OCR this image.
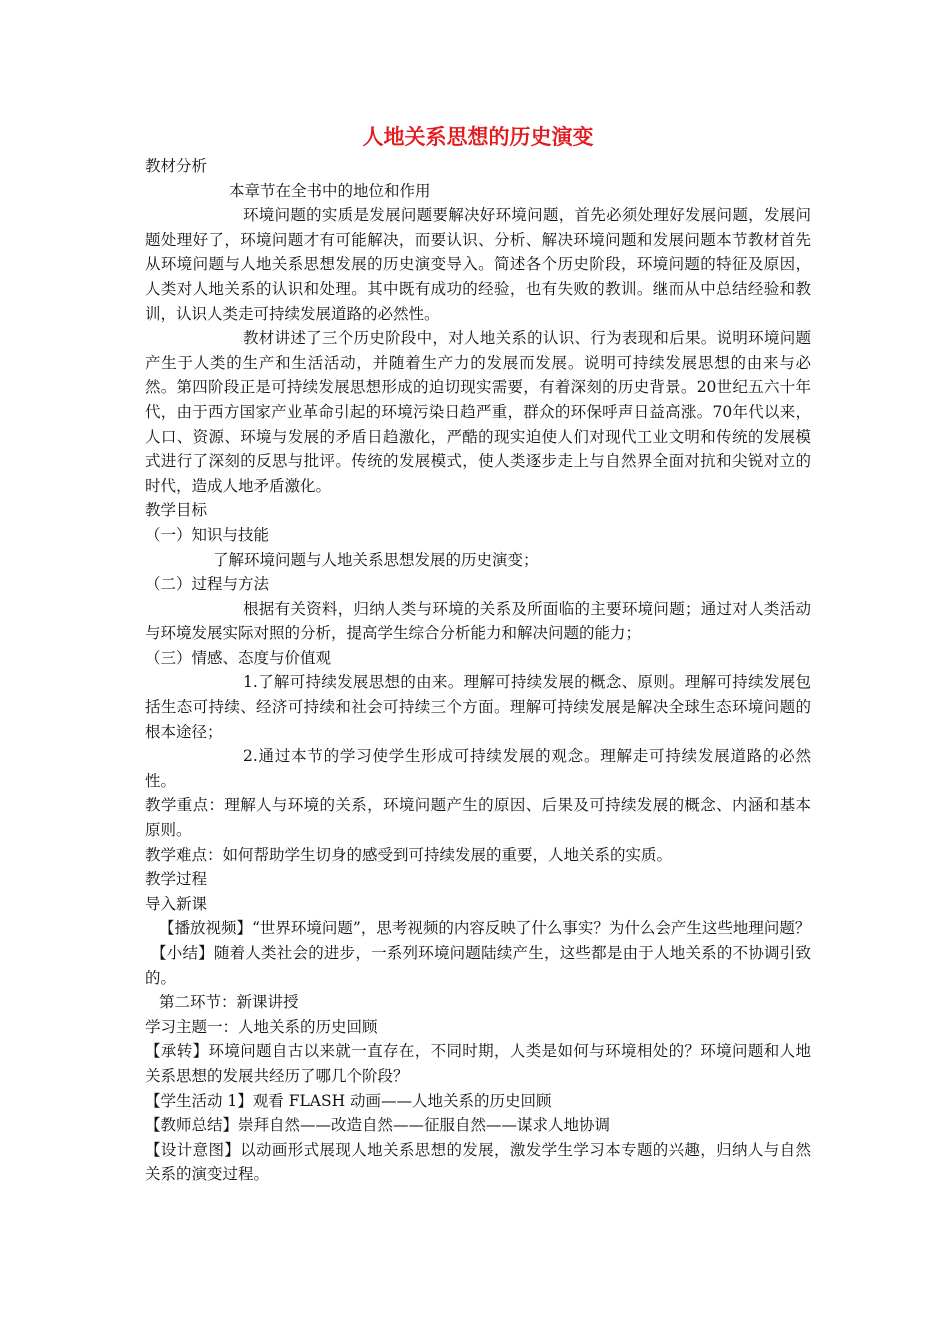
人地关系思想的历史演变
教材分析
本章节在全书中的地位和作用

环境问题的实质是发展问题要解决好环境问题，首先必须处理好发展问题，发展问题处理好了，环境问题才有可能解决，而要认识、分析、解决环境问题和发展问题本节教材首先从环境问题与人地关系思想发展的历史演变导入。简述各个历史阶段，环境问题的特征及原因，人类对人地关系的认识和处理。其中既有成功的经验，也有失败的教训。继而从中总结经验和教训，认识人类走可持续发展道路的必然性。

教材讲述了三个历史阶段中，对人地关系的认识、行为表现和后果。说明环境问题产生于人类的生产和生活活动，并随着生产力的发展而发展。说明可持续发展思想的由来与必然。第四阶段正是可持续发展思想形成的迫切现实需要，有着深刻的历史背景。20世纪五六十年代，由于西方国家产业革命引起的环境污染日趋严重，群众的环保呼声日益高涨。70年代以来，人口、资源、环境与发展的矛盾日趋激化，严酷的现实迫使人们对现代工业文明和传统的发展模式进行了深刻的反思与批评。传统的发展模式，使人类逐步走上与自然界全面对抗和尖锐对立的时代，造成人地矛盾激化。

教学目标
（一）知识与技能
了解环境问题与人地关系思想发展的历史演变；
（二）过程与方法

根据有关资料，归纳人类与环境的关系及所面临的主要环境问题；通过对人类活动与环境发展实际对照的分析，提高学生综合分析能力和解决问题的能力；

（三）情感、态度与价值观

1.了解可持续发展思想的由来。理解可持续发展的概念、原则。理解可持续发展包括生态可持续、经济可持续和社会可持续三个方面。理解可持续发展是解决全球生态环境问题的根本途径；

2.通过本节的学习使学生形成可持续发展的观念。理解走可持续发展道路的必然性。

教学重点：理解人与环境的关系，环境问题产生的原因、后果及可持续发展的概念、内涵和基本原则。

教学难点：如何帮助学生切身的感受到可持续发展的重要，人地关系的实质。
教学过程
导入新课

【播放视频】“世界环境问题”，思考视频的内容反映了什么事实？为什么会产生这些地理问题？

【小结】随着人类社会的进步，一系列环境问题陆续产生，这些都是由于人地关系的不协调引致的。

第二环节：新课讲授
学习主题一：人地关系的历史回顾

【承转】环境问题自古以来就一直存在，不同时期，人类是如何与环境相处的？环境问题和人地关系思想的发展共经历了哪几个阶段？

【学生活动 1】观看 FLASH 动画——人地关系的历史回顾
【教师总结】崇拜自然——改造自然——征服自然——谋求人地协调

【设计意图】以动画形式展现人地关系思想的发展，激发学生学习本专题的兴趣，归纳人与自然关系的演变过程。
